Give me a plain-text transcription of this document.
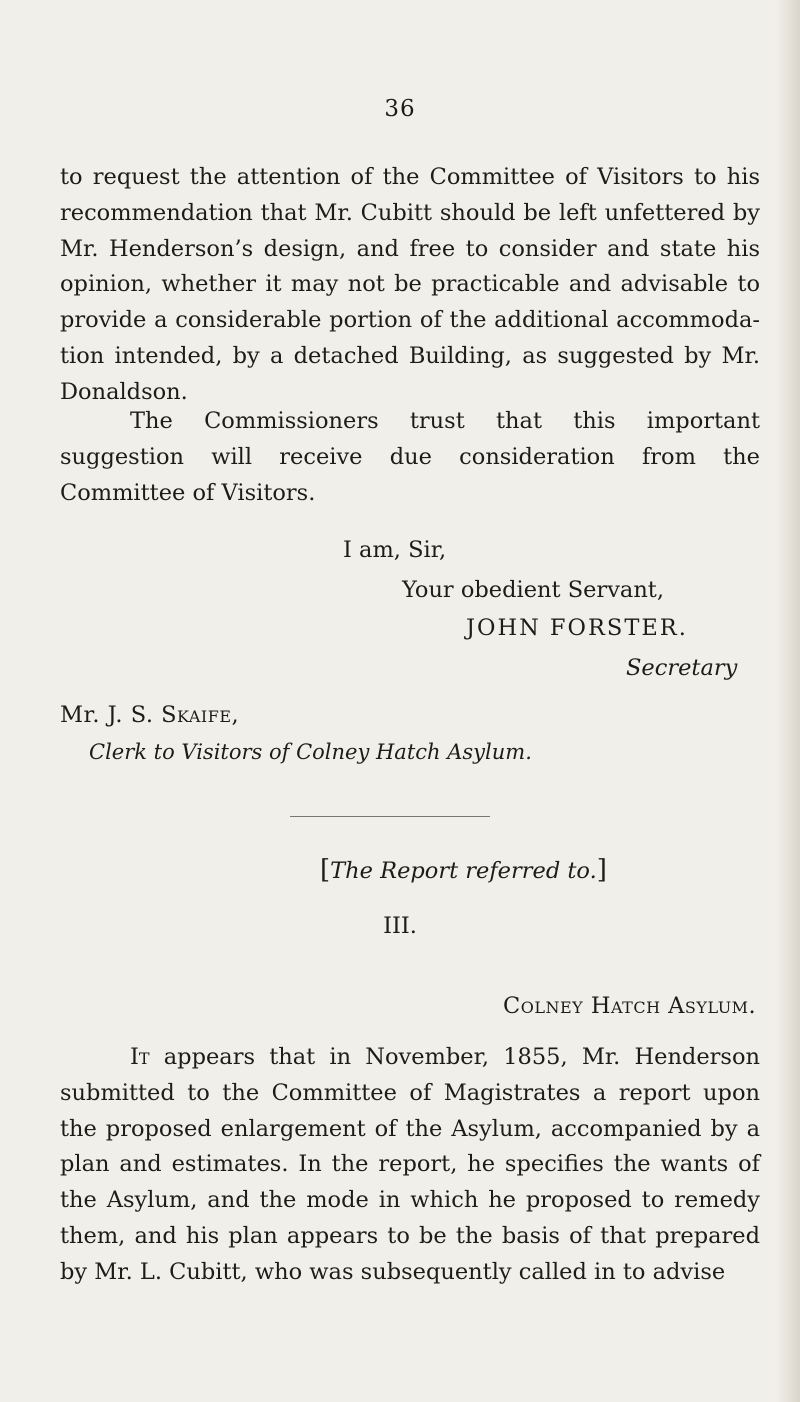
36

to request the attention of the Committee of Visitors to his recommendation that Mr. Cubitt should be left unfettered by Mr. Henderson’s design, and free to consider and state his opinion, whether it may not be practicable and advisable to provide a considerable portion of the additional accommoda- tion intended, by a detached Building, as suggested by Mr. Donaldson.

The Commissioners trust that this important suggestion will receive due consideration from the Committee of Visitors.

I am, Sir,
Your obedient Servant,
JOHN FORSTER.
Secretary
Mr. J. S. Skaife,
Clerk to Visitors of Colney Hatch Asylum.
[The Report referred to.]
III.
Colney Hatch Asylum.

It appears that in November, 1855, Mr. Henderson submitted to the Committee of Magistrates a report upon the proposed enlargement of the Asylum, accompanied by a plan and estimates. In the report, he specifies the wants of the Asylum, and the mode in which he proposed to remedy them, and his plan appears to be the basis of that prepared by Mr. L. Cubitt, who was subsequently called in to advise
